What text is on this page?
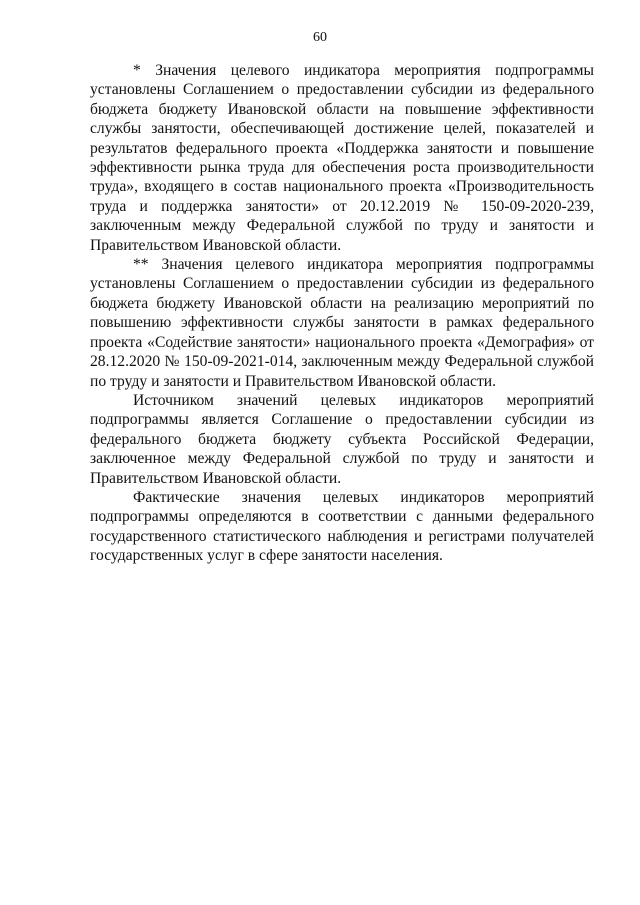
60

* Значения целевого индикатора мероприятия подпрограммы установлены Соглашением о предоставлении субсидии из федерального бюджета бюджету Ивановской области на повышение эффективности службы занятости, обеспечивающей достижение целей, показателей и результатов федерального проекта «Поддержка занятости и повышение эффективности рынка труда для обеспечения роста производительности труда», входящего в состав национального проекта «Производительность труда и поддержка занятости» от 20.12.2019 № 150-09-2020-239, заключенным между Федеральной службой по труду и занятости и Правительством Ивановской области.

** Значения целевого индикатора мероприятия подпрограммы установлены Соглашением о предоставлении субсидии из федерального бюджета бюджету Ивановской области на реализацию мероприятий по повышению эффективности службы занятости в рамках федерального проекта «Содействие занятости» национального проекта «Демография» от 28.12.2020 № 150-09-2021-014, заключенным между Федеральной службой по труду и занятости и Правительством Ивановской области.

Источником значений целевых индикаторов мероприятий подпрограммы является Соглашение о предоставлении субсидии из федерального бюджета бюджету субъекта Российской Федерации, заключенное между Федеральной службой по труду и занятости и Правительством Ивановской области.

Фактические значения целевых индикаторов мероприятий подпрограммы определяются в соответствии с данными федерального государственного статистического наблюдения и регистрами получателей государственных услуг в сфере занятости населения.
